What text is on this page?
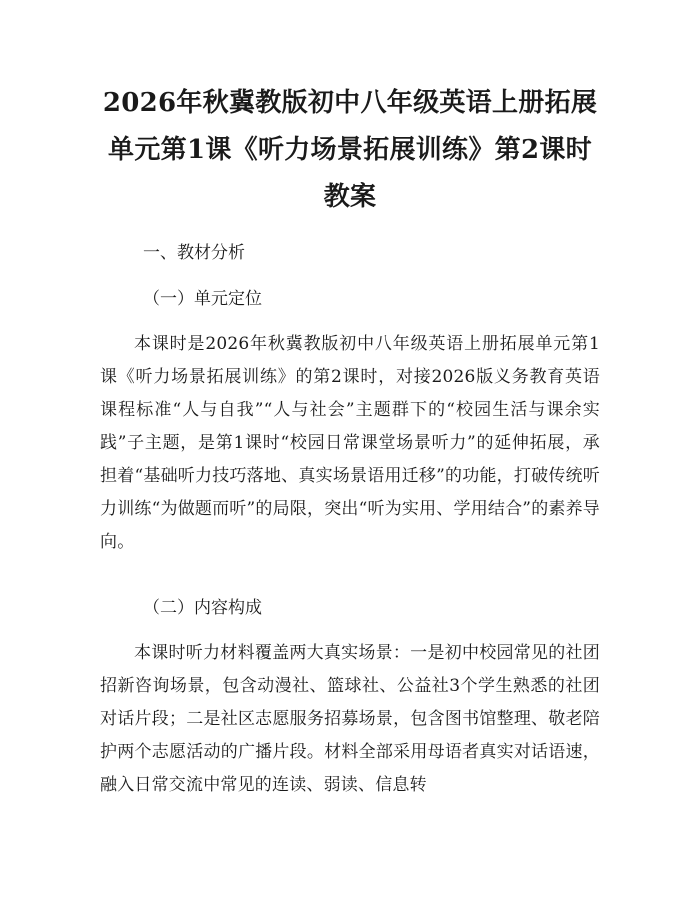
2026年秋冀教版初中八年级英语上册拓展单元第1课《听力场景拓展训练》第2课时教案

一、教材分析

（一）单元定位

本课时是2026年秋冀教版初中八年级英语上册拓展单元第1课《听力场景拓展训练》的第2课时，对接2026版义务教育英语课程标准“人与自我”“人与社会”主题群下的“校园生活与课余实践”子主题，是第1课时“校园日常课堂场景听力”的延伸拓展，承担着“基础听力技巧落地、真实场景语用迁移”的功能，打破传统听力训练“为做题而听”的局限，突出“听为实用、学用结合”的素养导向。

（二）内容构成

本课时听力材料覆盖两大真实场景：一是初中校园常见的社团招新咨询场景，包含动漫社、篮球社、公益社3个学生熟悉的社团对话片段；二是社区志愿服务招募场景，包含图书馆整理、敬老陪护两个志愿活动的广播片段。材料全部采用母语者真实对话语速，融入日常交流中常见的连读、弱读、信息转
